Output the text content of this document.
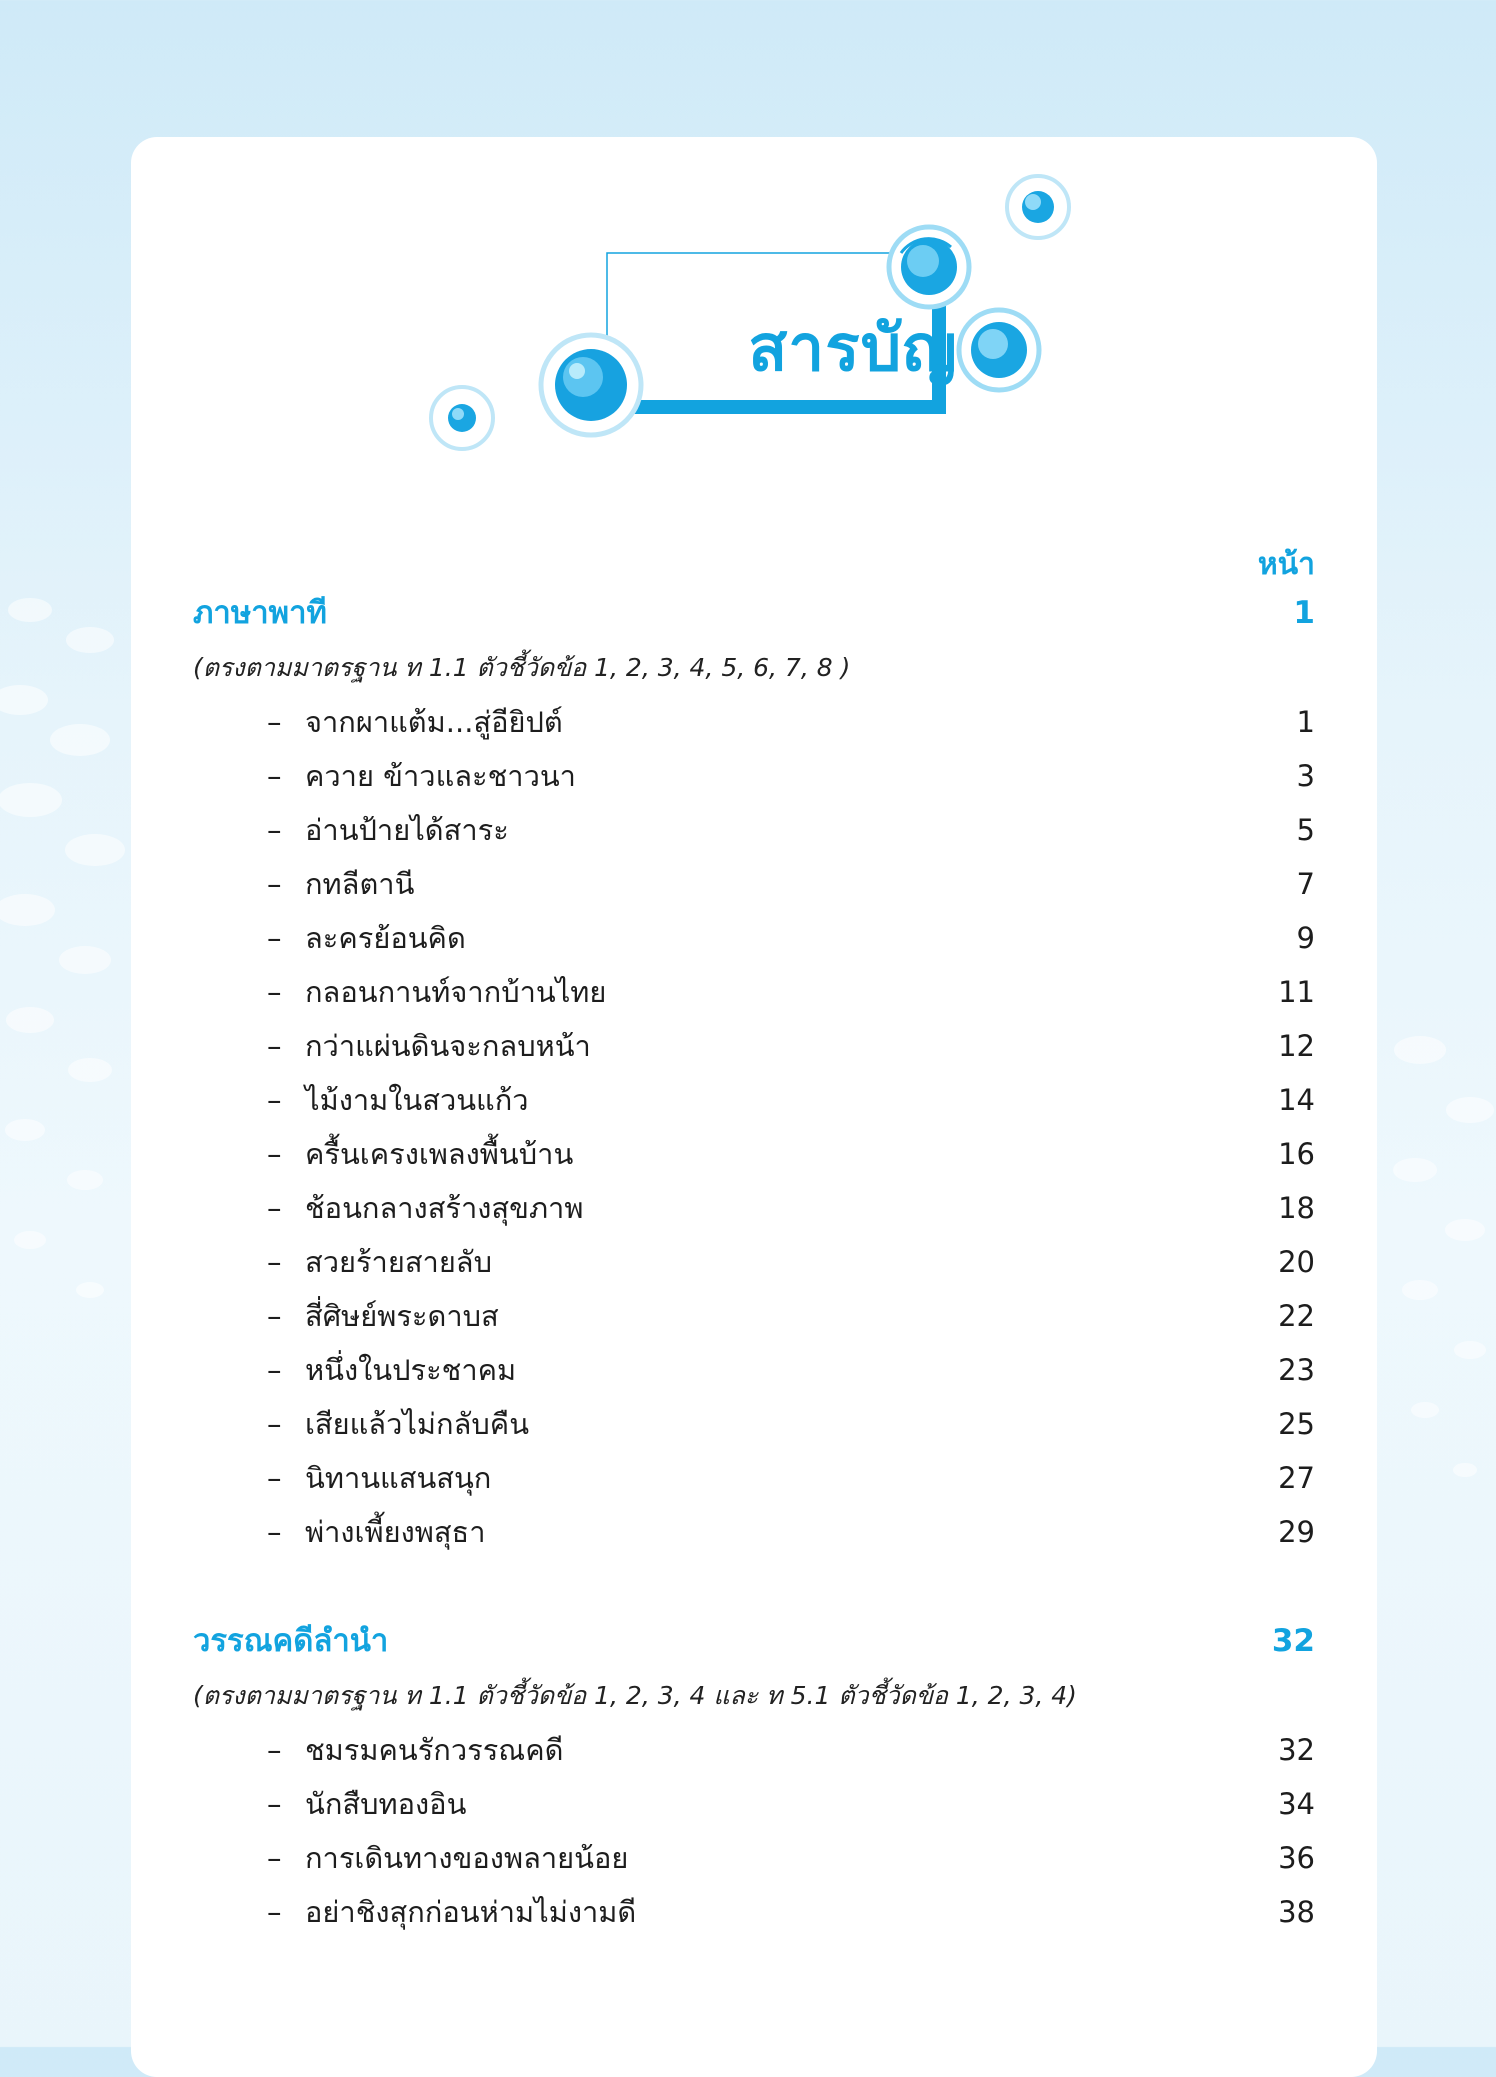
สารบัญ
หน้า
ภาษาพาที	1
(ตรงตามมาตรฐาน ท 1.1 ตัวชี้วัดข้อ 1, 2, 3, 4, 5, 6, 7, 8 )
– จากผาแต้ม...สู่อียิปต์	1
– ควาย ข้าวและชาวนา	3
– อ่านป้ายได้สาระ	5
– กทลีตานี	7
– ละครย้อนคิด	9
– กลอนกานท์จากบ้านไทย	11
– กว่าแผ่นดินจะกลบหน้า	12
– ไม้งามในสวนแก้ว	14
– ครื้นเครงเพลงพื้นบ้าน	16
– ช้อนกลางสร้างสุขภาพ	18
– สวยร้ายสายลับ	20
– สี่ศิษย์พระดาบส	22
– หนึ่งในประชาคม	23
– เสียแล้วไม่กลับคืน	25
– นิทานแสนสนุก	27
– พ่างเพี้ยงพสุธา	29
วรรณคดีลำนำ	32
(ตรงตามมาตรฐาน ท 1.1 ตัวชี้วัดข้อ 1, 2, 3, 4 และ ท 5.1 ตัวชี้วัดข้อ 1, 2, 3, 4)
– ชมรมคนรักวรรณคดี	32
– นักสืบทองอิน	34
– การเดินทางของพลายน้อย	36
– อย่าชิงสุกก่อนห่ามไม่งามดี	38
